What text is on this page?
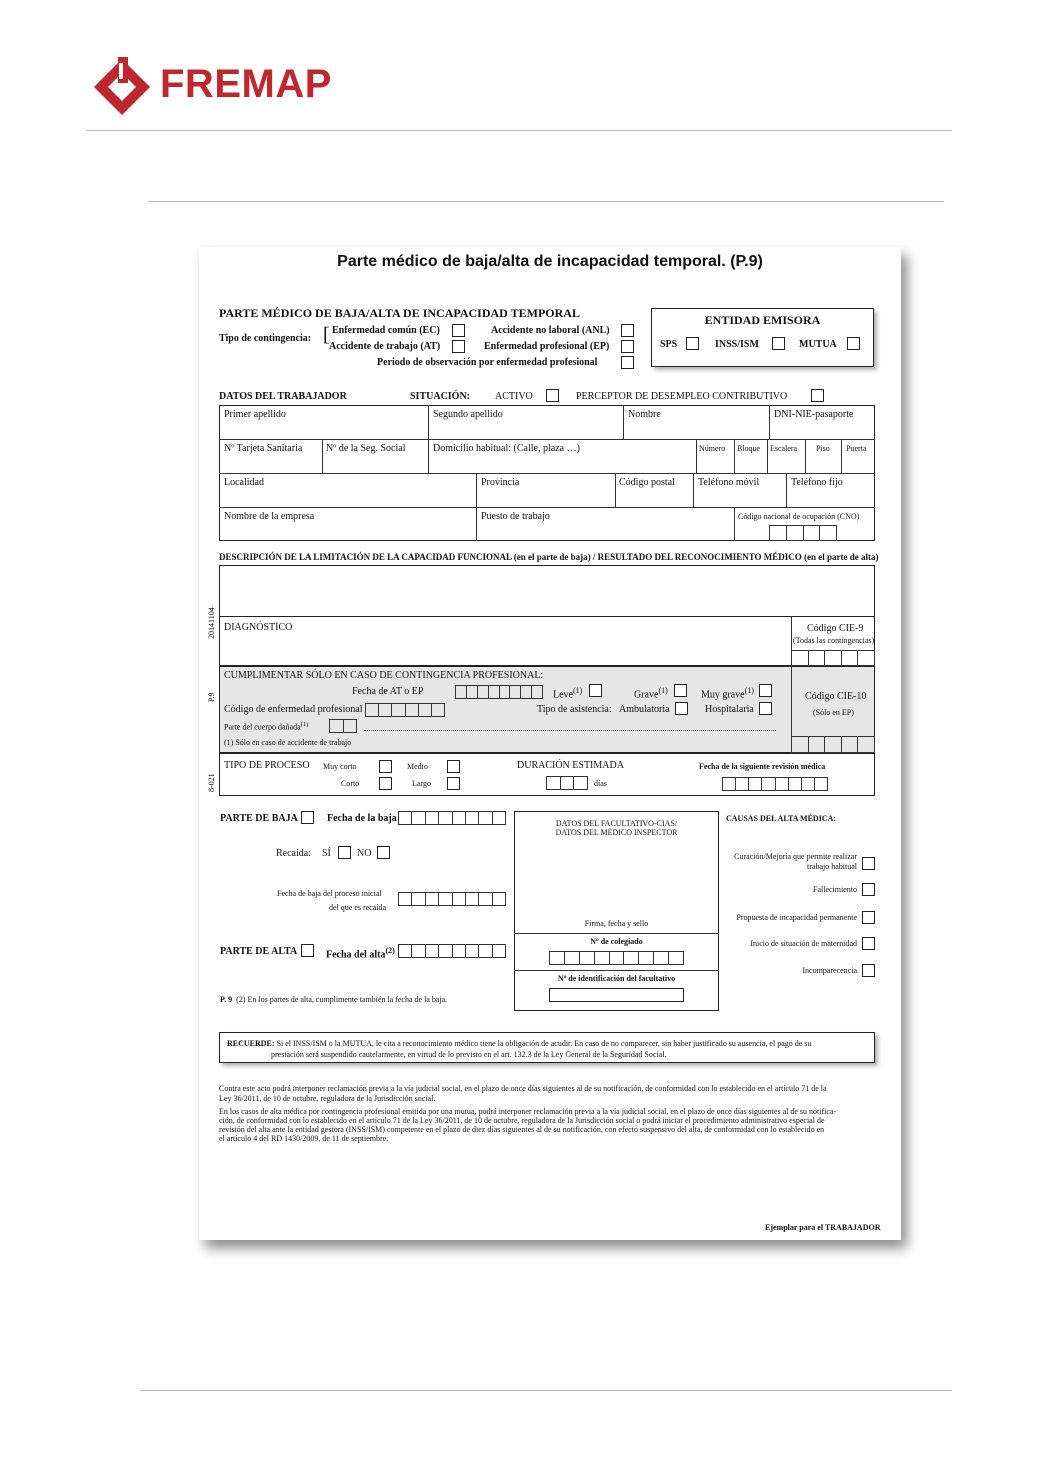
FREMAP
Parte médico de baja/alta de incapacidad temporal. (P.9)
PARTE MÉDICO DE BAJA/ALTA DE INCAPACIDAD TEMPORAL
Tipo de contingencia: [ Enfermedad común (EC)
Accidente de trabajo (AT)
Accidente no laboral (ANL)
Enfermedad profesional (EP)
Periodo de observación por enfermedad profesional
ENTIDAD EMISORA
SPS	INSS/ISM	MUTUA
DATOS DEL TRABAJADOR	SITUACIÓN: ACTIVO	PERCEPTOR DE DESEMPLEO CONTRIBUTIVO
Primer apellido	Segundo apellido	Nombre	DNI-NIE-pasaporte
Nº Tarjeta Sanitaria Nº de la Seg. Social	Domicilio habitual: (Calle, plaza …)	Número Bloque Escalera Piso Puerta
Localidad	Provincia	Código postal Teléfono móvil	Teléfono fijo
Nombre de la empresa	Puesto de trabajo	Código nacional de ocupación (CNO)
DESCRIPCIÓN DE LA LIMITACIÓN DE LA CAPACIDAD FUNCIONAL (en el parte de baja) / RESULTADO DEL RECONOCIMIENTO MÉDICO (en el parte de alta)
DIAGNÓSTICO	Código CIE-9
(Todas las contingencias)
CUMPLIMENTAR SÓLO EN CASO DE CONTINGENCIA PROFESIONAL:
Fecha de AT o EP	Leve$^{(1)}$	Grave$^{(1)}$	Muy grave$^{(1)}$
Código de enfermedad profesional	Tipo de asistencia: Ambulatoria	Hospitalaria
Parte del cuerpo dañada$^{(1)}$
(1) Sólo en caso de accidente de trabajo
Código CIE-10
(Sólo en EP)
TIPO DE PROCESO Muy corto	Medio
Corto	Largo
DURACIÓN ESTIMADA
días
Fecha de la siguiente revisión médica
20141104
P.9
8-021
PARTE DE BAJA	Fecha de la baja
Recaída: SÍ	NO
Fecha de baja del proceso inicial
del que es recaída
PARTE DE ALTA	Fecha del alta$^{(2)}$
P. 9 (2) En los partes de alta, cumplimente también la fecha de la baja.
DATOS DEL FACULTATIVO-CIAS/
DATOS DEL MÉDICO INSPECTOR
Firma, fecha y sello
Nº de colegiado
Nº de identificación del facultativo
CAUSAS DEL ALTA MÉDICA:
Curación/Mejoría que permite realizar
trabajo habitual
Fallecimiento
Propuesta de incapacidad permanente
Inicio de situación de maternidad
Incomparecencia
RECUERDE: Si el INSS/ISM o la MUTUA, le cita a reconocimiento médico tiene la obligación de acudir. En caso de no comparecer, sin haber justificado su ausencia, el pago de su
prestación será suspendido cautelarmente, en virtud de lo previsto en el art. 132.3 de la Ley General de la Seguridad Social.
Contra este acto podrá interponer reclamación previa a la vía judicial social, en el plazo de once días siguientes al de su notificación, de conformidad con lo establecido en el artículo 71 de la
Ley 36/2011, de 10 de octubre, reguladora de la Jurisdicción social.
En los casos de alta médica por contingencia profesional emitida por una mutua, podrá interponer reclamación previa a la vía judicial social, en el plazo de once días siguientes al de su notifica-
ción, de conformidad con lo establecido en el artículo 71 de la Ley 36/2011, de 10 de octubre, reguladora de la Jurisdicción social o podrá iniciar el procedimiento administrativo especial de
revisión del alta ante la entidad gestora (INSS/ISM) competente en el plazo de diez días siguientes al de su notificación, con efecto suspensivo del alta, de conformidad con lo establecido en
el artículo 4 del RD 1430/2009, de 11 de septiembre.
Ejemplar para el TRABAJADOR
